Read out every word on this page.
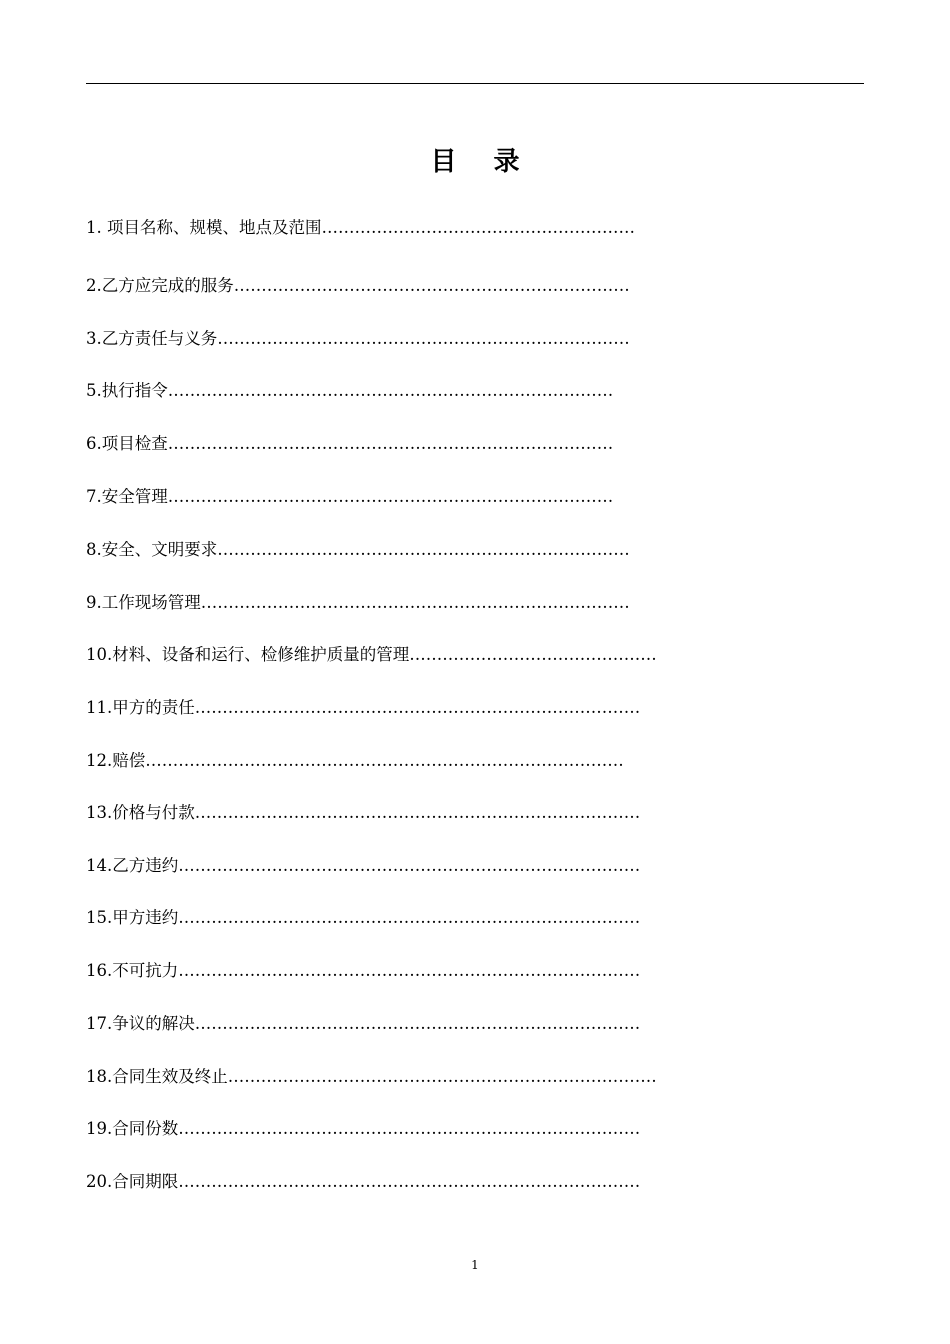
目 录
1. 项目名称、规模、地点及范围…………………………………………………
2.乙方应完成的服务………………………………………………………………
3.乙方责任与义务…………………………………………………………………
5.执行指令………………………………………………………………………
6.项目检查………………………………………………………………………
7.安全管理………………………………………………………………………
8.安全、文明要求…………………………………………………………………
9.工作现场管理……………………………………………………………………
10.材料、设备和运行、检修维护质量的管理………………………………………
11.甲方的责任………………………………………………………………………
12.赔偿……………………………………………………………………………
13.价格与付款………………………………………………………………………
14.乙方违约…………………………………………………………………………
15.甲方违约…………………………………………………………………………
16.不可抗力…………………………………………………………………………
17.争议的解决………………………………………………………………………
18.合同生效及终止……………………………………………………………………
19.合同份数…………………………………………………………………………
20.合同期限…………………………………………………………………………
1
